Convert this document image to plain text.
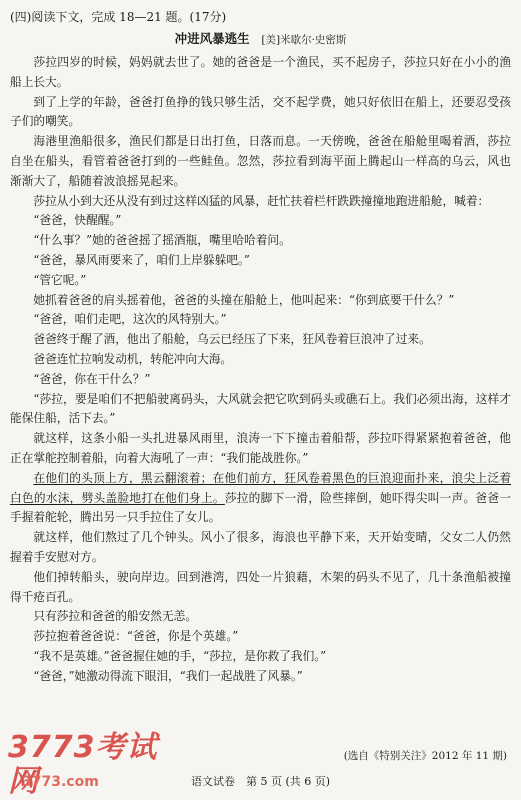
(四)阅读下文，完成 18—21 题。(17分)
冲进风暴逃生 [美]米歇尔·史密斯

莎拉四岁的时候，妈妈就去世了。她的爸爸是一个渔民，买不起房子，莎拉只好在小小的渔船上长大。

到了上学的年龄，爸爸打鱼挣的钱只够生活，交不起学费，她只好依旧在船上，还要忍受孩子们的嘲笑。

海港里渔船很多，渔民们都是日出打鱼，日落而息。一天傍晚，爸爸在船舱里喝着酒，莎拉自坐在船头，看管着爸爸打到的一些鲑鱼。忽然，莎拉看到海平面上腾起山一样高的乌云，风也渐渐大了，船随着波浪摇晃起来。

莎拉从小到大还从没有到过这样凶猛的风暴，赶忙扶着栏杆跌跌撞撞地跑进船舱，喊着：

“爸爸，快醒醒。”

“什么事？”她的爸爸摇了摇酒瓶，嘴里哈哈着问。

“爸爸，暴风雨要来了，咱们上岸躲躲吧。”

“管它呢。”

她抓着爸爸的肩头摇着他，爸爸的头撞在船舱上，他叫起来：“你到底要干什么？”

“爸爸，咱们走吧，这次的风特别大。”

爸爸终于醒了酒，他出了船舱，乌云已经压了下来，狂风卷着巨浪冲了过来。

爸爸连忙拉响发动机，转舵冲向大海。

“爸爸，你在干什么？”

“莎拉，要是咱们不把船驶离码头，大风就会把它吹到码头或礁石上。我们必须出海，这样才能保住船，活下去。”

就这样，这条小船一头扎进暴风雨里，浪涛一下下撞击着船帮，莎拉吓得紧紧抱着爸爸，他正在掌舵控制着船，向着大海吼了一声：“我们能战胜你。”

在他们的头顶上方，黑云翻滚着；在他们前方，狂风卷着黑色的巨浪迎面扑来，浪尖上泛着白色的水沫，劈头盖脸地打在他们身上。莎拉的脚下一滑，险些摔倒，她吓得尖叫一声。爸爸一手握着舵轮，腾出另一只手拉住了女儿。

就这样，他们熬过了几个钟头。风小了很多，海浪也平静下来，天开始变晴，父女二人仍然握着手安慰对方。

他们掉转船头，驶向岸边。回到港湾，四处一片狼藉，木架的码头不见了，几十条渔船被撞得千疮百孔。

只有莎拉和爸爸的船安然无恙。

莎拉抱着爸爸说：“爸爸，你是个英雄。”

“我不是英雄。”爸爸握住她的手，“莎拉，是你救了我们。”

“爸爸，”她激动得流下眼泪，“我们一起战胜了风暴。”

3773考试网
3773.com
(选自《特别关注》2012 年 11 期)
语文试卷　第 5 页 (共 6 页)
